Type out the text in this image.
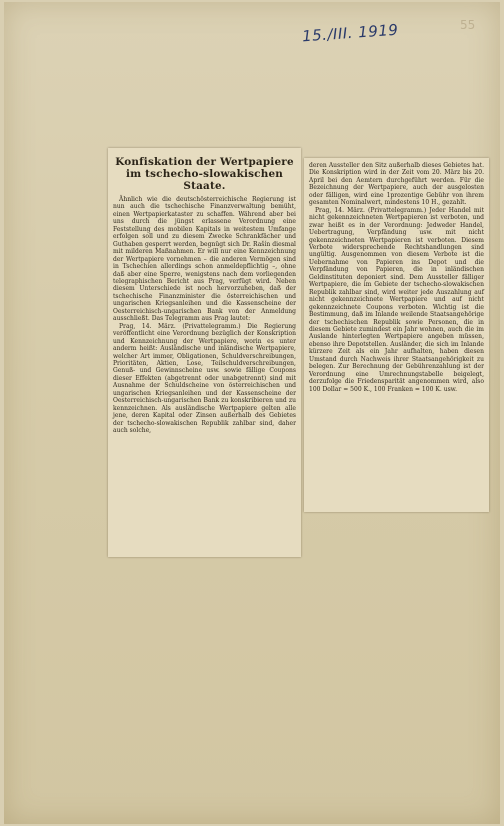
15./III. 1919	55
Konfiskation der Wertpapiere im tschecho-slowakischen Staate.

Ähnlich wie die deutschösterreichische Regierung ist nun auch die tschechische Finanzverwaltung bemüht, einen Wertpapierkataster zu schaffen. Während aber bei uns durch die jüngst erlassene Verordnung eine Feststellung des mobilen Kapitals in weitestem Umfange erfolgen soll und zu diesem Zwecke Schrankfächer und Guthaben gesperrt werden, begnügt sich Dr. Rašín diesmal mit milderen Maßnahmen. Er will nur eine Kennzeichnung der Wertpapiere vornehmen – die anderen Vermögen sind in Tschechien allerdings schon anmeldepflichtig –, ohne daß aber eine Sperre, wenigstens nach dem vorliegenden telegraphischen Bericht aus Prag, verfügt wird. Neben diesem Unterschiede ist noch hervorzuheben, daß der tschechische Finanzminister die österreichischen und ungarischen Kriegsanleihen und die Kassenscheine der Oesterreichisch-ungarischen Bank von der Anmeldung ausschließt. Das Telegramm aus Prag lautet:

Prag, 14. März. (Privattelegramm.) Die Regierung veröffentlicht eine Verordnung bezüglich der Konskription und Kennzeichnung der Wertpapiere, worin es unter anderm heißt: Ausländische und inländische Wertpapiere, welcher Art immer, Obligationen, Schuldverschreibungen, Prioritäten, Aktien, Lose, Teilschuldverschreibungen, Genuß- und Gewinnscheine usw. sowie fällige Coupons dieser Effekten (abgetrennt oder unabgetrennt) sind mit Ausnahme der Schuldscheine von österreichischen und ungarischen Kriegsanleihen und der Kassenscheine der Oesterreichisch-ungarischen Bank zu konskribieren und zu kennzeichnen. Als ausländische Wertpapiere gelten alle jene, deren Kapital oder Zinsen außerhalb des Gebietes der tschecho-slowakischen Republik zahlbar sind, daher auch solche,

deren Aussteller den Sitz außerhalb dieses Gebietes hat. Die Konskription wird in der Zeit vom 20. März bis 20. April bei den Aemtern durchgeführt werden. Für die Bezeichnung der Wertpapiere, auch der ausgelosten oder fälligen, wird eine 1prozentige Gebühr von ihrem gesamten Nominalwert, mindestens 10 H., gezahlt.

Prag, 14. März. (Privattelegramm.) Jeder Handel mit nicht gekennzeichneten Wertpapieren ist verboten, und zwar heißt es in der Verordnung: Jedweder Handel, Uebertragung, Verpfändung usw. mit nicht gekennzeichneten Wertpapieren ist verboten. Diesem Verbote widersprechende Rechtshandlungen sind ungültig. Ausgenommen von diesem Verbote ist die Uebernahme von Papieren ins Depot und die Verpfändung von Papieren, die in inländischen Geldinstituten deponiert sind. Dem Aussteller fälliger Wertpapiere, die im Gebiete der tschecho-slowakischen Republik zahlbar sind, wird weiter jede Auszahlung auf nicht gekennzeichnete Wertpapiere und auf nicht gekennzeichnete Coupons verboten. Wichtig ist die Bestimmung, daß im Inlande weilende Staatsangehörige der tschechischen Republik sowie Personen, die in diesem Gebiete zumindest ein Jahr wohnen, auch die im Auslande hinterlegten Wertpapiere angeben müssen, ebenso ihre Depotstellen. Ausländer, die sich im Inlande kürzere Zeit als ein Jahr aufhalten, haben diesen Umstand durch Nachweis ihrer Staatsangehörigkeit zu belegen. Zur Berechnung der Gebührenzahlung ist der Verordnung eine Umrechnungstabelle beigelegt, derzufolge die Friedensparität angenommen wird, also 100 Dollar = 500 K., 100 Franken = 100 K. usw.
